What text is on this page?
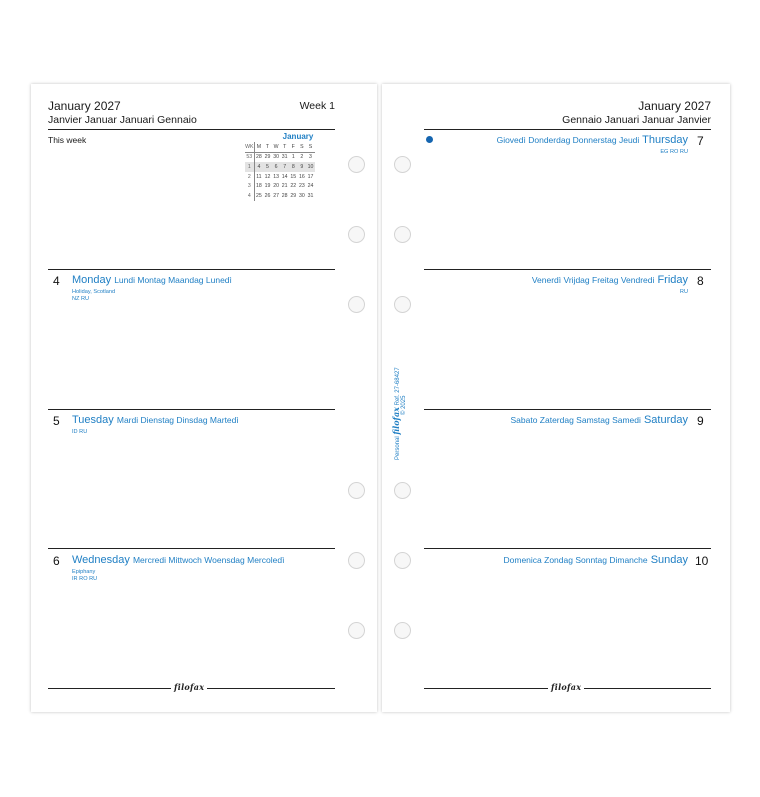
January 2027	Week 1
Janvier Januar Januari Gennaio
This week	January
WK	M	T	W	T	F	S	S
53	28	29	30	31	1	2	3
1	4	5	6	7	8	9	10
2	11	12	13	14	15	16	17
3	18	19	20	21	22	23	24
4	25	26	27	28	29	30	31
4 Monday Lundi Montag Maandag Lunedì
Holiday, Scotland
NZ RU
5 Tuesday Mardi Dienstag Dinsdag Martedì
ID RU
6 Wednesday Mercredi Mittwoch Woensdag Mercoledì
Epiphany
IR RO RU
filofax
January 2027
Gennaio Januari Januar Janvier
7
Giovedì Donderdag Donnerstag Jeudi Thursday
EG RO RU
8
Venerdì Vrijdag Freitag Vendredi Friday
RU
9
Sabato Zaterdag Samstag Samedi Saturday
10
Domenica Zondag Sonntag Dimanche Sunday
filofax
Personal filofax Ref. 27-68427 © 2025
